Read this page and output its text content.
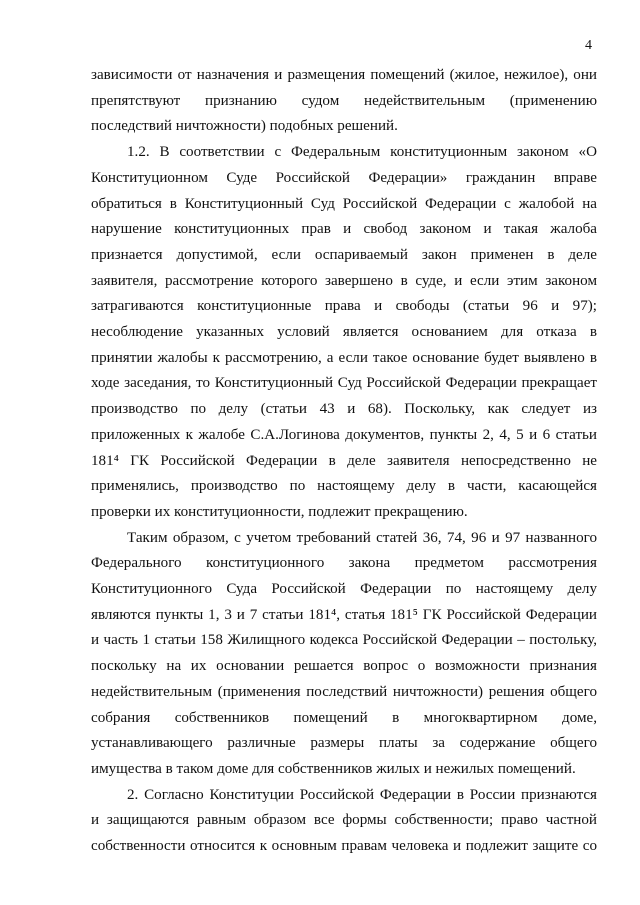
4

зависимости от назначения и размещения помещений (жилое, нежилое), они
препятствуют признанию судом недействительным (применению
последствий ничтожности) подобных решений.

1.2. В соответствии с Федеральным конституционным законом «О
Конституционном Суде Российской Федерации» гражданин вправе
обратиться в Конституционный Суд Российской Федерации с жалобой на
нарушение конституционных прав и свобод законом и такая жалоба
признается допустимой, если оспариваемый закон применен в деле
заявителя, рассмотрение которого завершено в суде, и если этим законом
затрагиваются конституционные права и свободы (статьи 96 и 97);
несоблюдение указанных условий является основанием для отказа в
принятии жалобы к рассмотрению, а если такое основание будет выявлено в
ходе заседания, то Конституционный Суд Российской Федерации прекращает
производство по делу (статьи 43 и 68). Поскольку, как следует из
приложенных к жалобе С.А.Логинова документов, пункты 2, 4, 5 и 6 статьи
181⁴ ГК Российской Федерации в деле заявителя непосредственно не
применялись, производство по настоящему делу в части, касающейся
проверки их конституционности, подлежит прекращению.

Таким образом, с учетом требований статей 36, 74, 96 и 97 названного
Федерального конституционного закона предметом рассмотрения
Конституционного Суда Российской Федерации по настоящему делу
являются пункты 1, 3 и 7 статьи 181⁴, статья 181⁵ ГК Российской Федерации
и часть 1 статьи 158 Жилищного кодекса Российской Федерации – постольку,
поскольку на их основании решается вопрос о возможности признания
недействительным (применения последствий ничтожности) решения общего
собрания собственников помещений в многоквартирном доме,
устанавливающего различные размеры платы за содержание общего
имущества в таком доме для собственников жилых и нежилых помещений.

2. Согласно Конституции Российской Федерации в России признаются
и защищаются равным образом все формы собственности; право частной
собственности относится к основным правам человека и подлежит защите со
